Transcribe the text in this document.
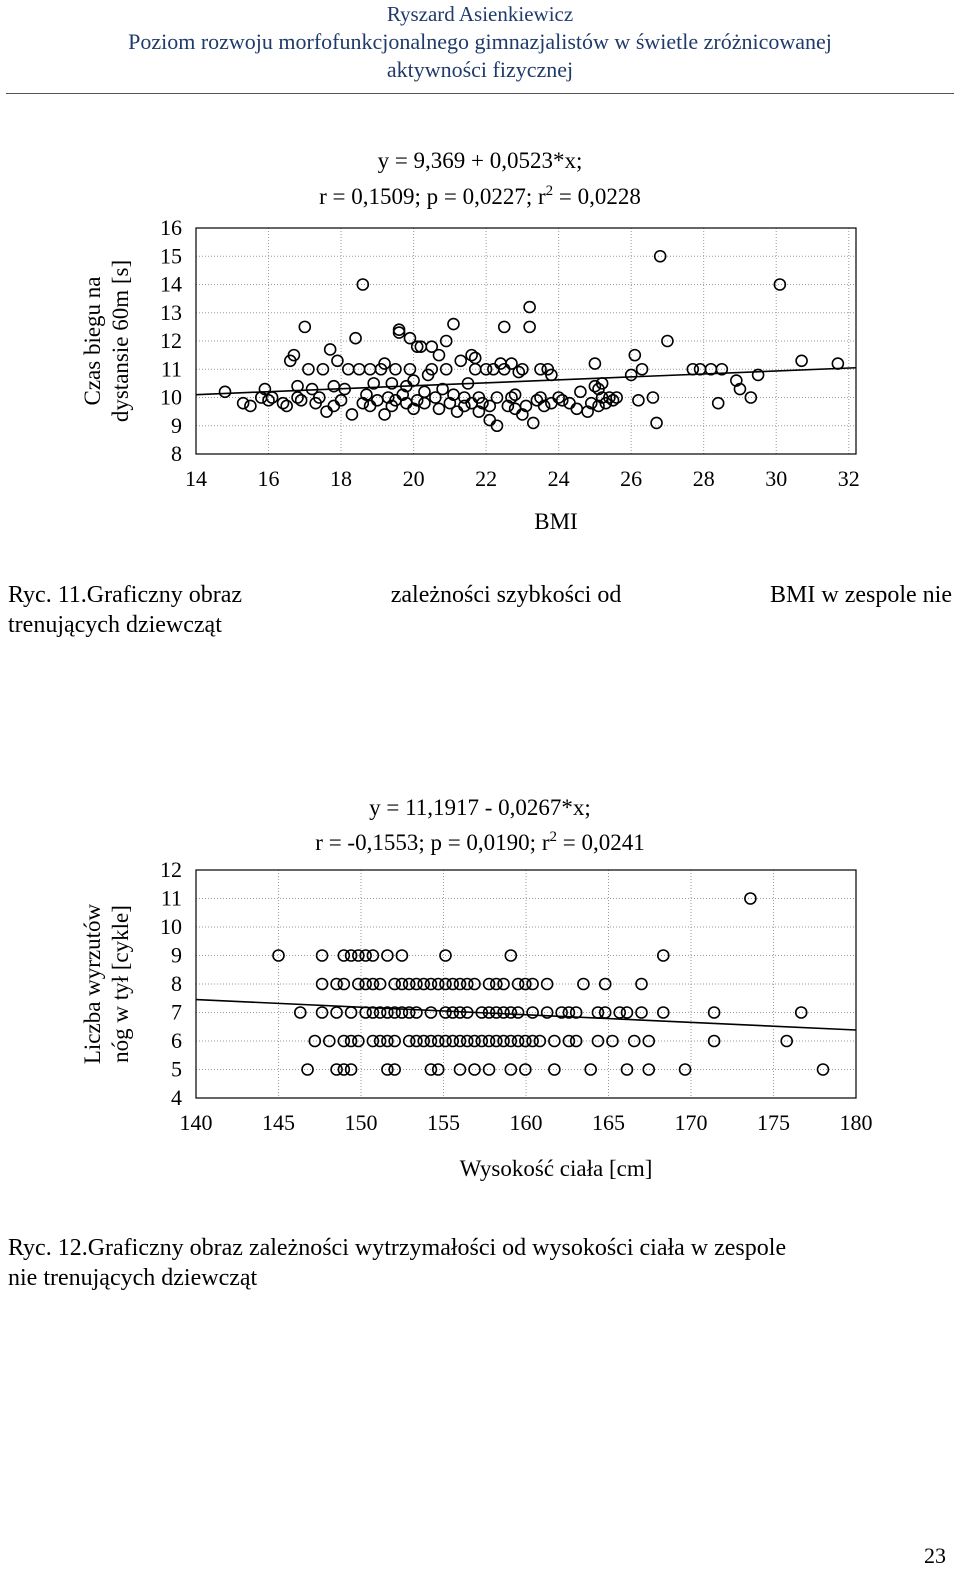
Ryszard Asienkiewicz
Poziom rozwoju morfofunkcjonalnego gimnazjalistów w świetle zróżnicowanej
aktywności fizycznej
y = 9,369 + 0,0523*x;
r = 0,1509; p = 0,0227; $r^2 = 0,0228$
8
9
10
11
12
13
14
15
16
14 16 18 20 22 24 26 28 30 32
BMI
Czas biegu na dystansie 60m [s]
Ryc. 11.Graficzny obraz	zależności szybkości od	BMI w zespole nie
trenujących dziewcząt
y = 11,1917 - 0,0267*x;
r = -0,1553; p = 0,0190; $r^2 = 0,0241$
4
5
6
7
8
9
10
11
12
140 145 150 155 160 165 170 175 180
Wysokość ciała [cm]
Liczba wyrzutów nóg w tył [cykle]
Ryc. 12.Graficzny obraz zależności wytrzymałości od wysokości ciała w zespole
nie trenujących dziewcząt
23
